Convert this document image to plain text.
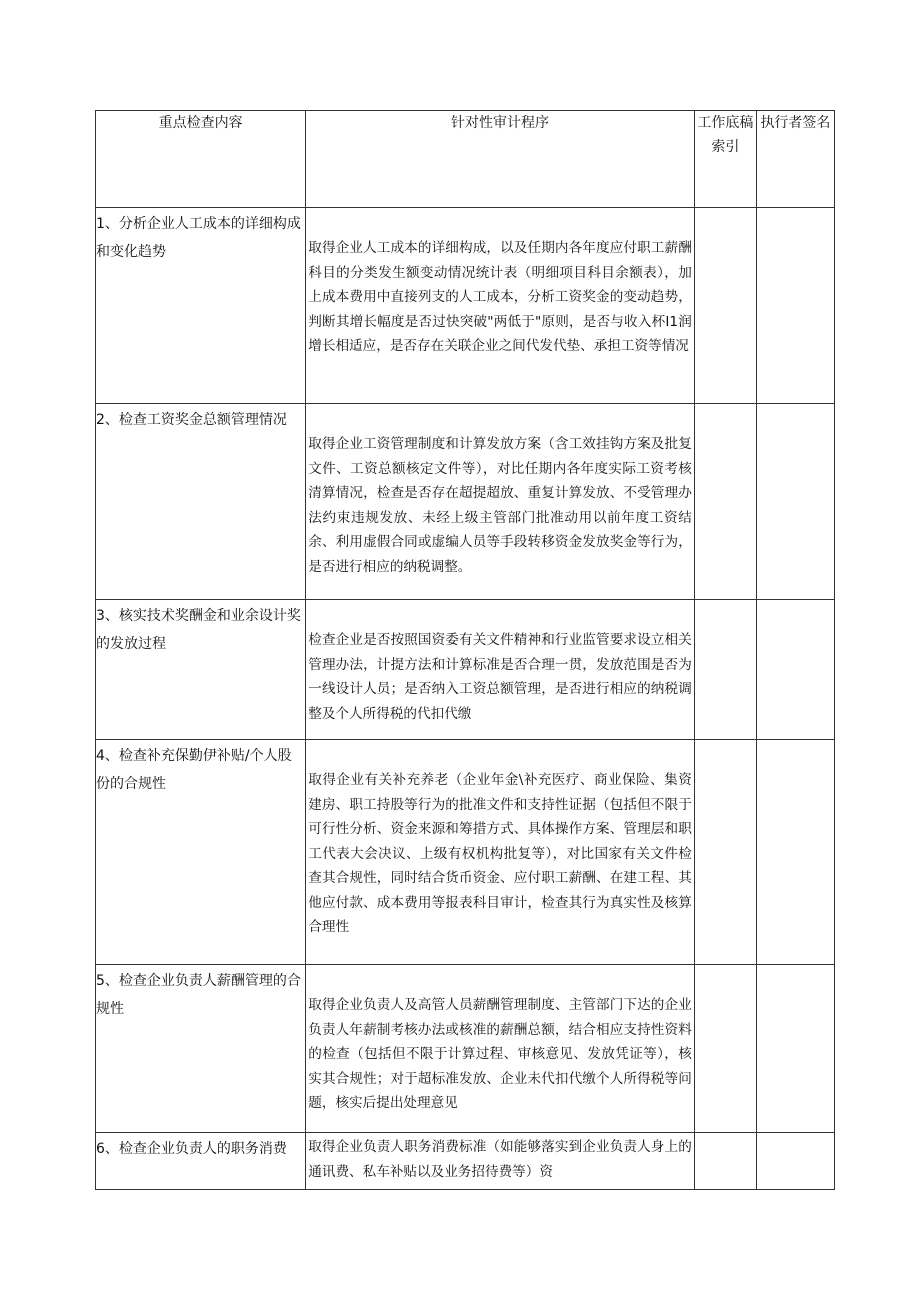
重点检查内容	针对性审计程序	工作底稿索引	执行者签名

1、分析企业人工成本的详细构成和变化趋势	取得企业人工成本的详细构成，以及任期内各年度应付职工薪酬科目的分类发生额变动情况统计表（明细项目科目余额表），加上成本费用中直接列支的人工成本，分析工资奖金的变动趋势，判断其增长幅度是否过快突破"两低于"原则，是否与收入杯I1润增长相适应，是否存在关联企业之间代发代垫、承担工资等情况		

2、检查工资奖金总额管理情况	取得企业工资管理制度和计算发放方案（含工效挂钩方案及批复文件、工资总额核定文件等），对比任期内各年度实际工资考核清算情况，检查是否存在超提超放、重复计算发放、不受管理办法约束违规发放、未经上级主管部门批准动用以前年度工资结余、利用虚假合同或虚编人员等手段转移资金发放奖金等行为，是否进行相应的纳税调整。		

3、核实技术奖酬金和业余设计奖的发放过程	检查企业是否按照国资委有关文件精神和行业监管要求设立相关管理办法，计提方法和计算标准是否合理一贯，发放范围是否为一线设计人员；是否纳入工资总额管理，是否进行相应的纳税调整及个人所得税的代扣代缴		

4、检查补充保勤伊补贴/个人股份的合规性	取得企业有关补充养老（企业年金\补充医疗、商业保险、集资建房、职工持股等行为的批准文件和支持性证据（包括但不限于可行性分析、资金来源和筹措方式、具体操作方案、管理层和职工代表大会决议、上级有权机构批复等），对比国家有关文件检查其合规性，同时结合货币资金、应付职工薪酬、在建工程、其他应付款、成本费用等报表科目审计，检查其行为真实性及核算合理性		

5、检查企业负责人薪酬管理的合规性	取得企业负责人及高管人员薪酬管理制度、主管部门下达的企业负责人年薪制考核办法或核准的薪酬总额，结合相应支持性资料的检查（包括但不限于计算过程、审核意见、发放凭证等），核实其合规性；对于超标准发放、企业未代扣代缴个人所得税等问题，核实后提出处理意见		

6、检查企业负责人的职务消费	取得企业负责人职务消费标准（如能够落实到企业负责人身上的通讯费、私车补贴以及业务招待费等）资		
